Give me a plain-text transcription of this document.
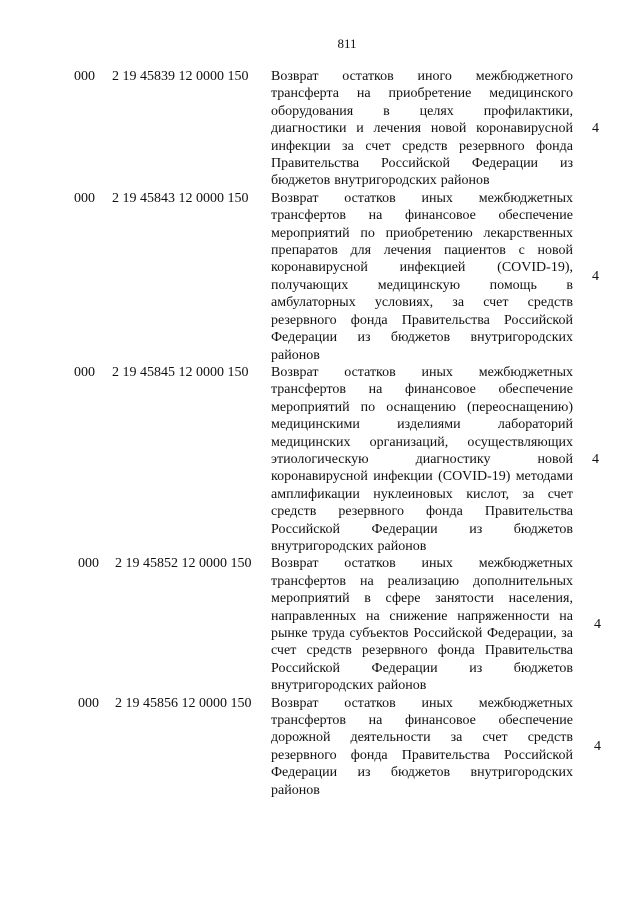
811
000 2 19 45839 12 0000 150 Возврат остатков иного межбюджетного трансферта на приобретение медицинского оборудования в целях профилактики, диагностики и лечения новой коронавирусной инфекции за счет средств резервного фонда Правительства Российской Федерации из бюджетов внутригородских районов
4
000 2 19 45843 12 0000 150 Возврат остатков иных межбюджетных трансфертов на финансовое обеспечение мероприятий по приобретению лекарственных препаратов для лечения пациентов с новой коронавирусной инфекцией (COVID-19), получающих медицинскую помощь в амбулаторных условиях, за счет средств резервного фонда Правительства Российской Федерации из бюджетов внутригородских районов
4
000 2 19 45845 12 0000 150 Возврат остатков иных межбюджетных трансфертов на финансовое обеспечение мероприятий по оснащению (переоснащению) медицинскими изделиями лабораторий медицинских организаций, осуществляющих этиологическую диагностику новой коронавирусной инфекции (COVID-19) методами амплификации нуклеиновых кислот, за счет средств резервного фонда Правительства Российской Федерации из бюджетов внутригородских районов
4
000 2 19 45852 12 0000 150 Возврат остатков иных межбюджетных трансфертов на реализацию дополнительных мероприятий в сфере занятости населения, направленных на снижение напряженности на рынке труда субъектов Российской Федерации, за счет средств резервного фонда Правительства Российской Федерации из бюджетов внутригородских районов
4
000 2 19 45856 12 0000 150 Возврат остатков иных межбюджетных трансфертов на финансовое обеспечение дорожной деятельности за счет средств резервного фонда Правительства Российской Федерации из бюджетов внутригородских районов
4
